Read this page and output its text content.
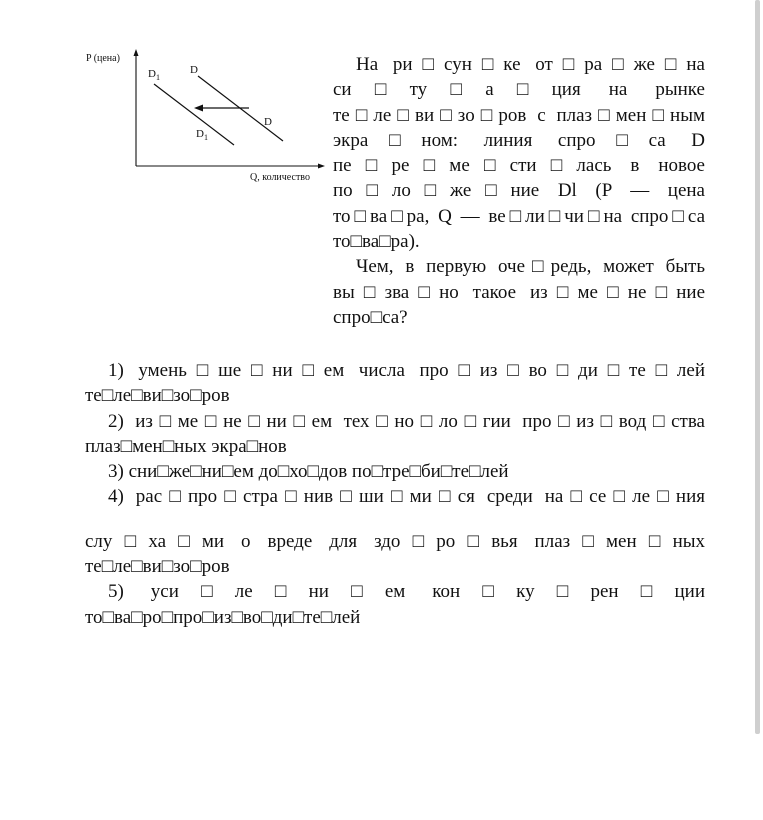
P (цена)
Q, количество
$D_1$
D
D
$D_1$

На ри□сун□ке от□ра□же□на

си□ту□а□ция на рынке

те□ле□ви□зо□ров с плаз□мен□ным

экра□ном: линия спро□са D

пе□ре□ме□сти□лась в новое

по□ло□же□ние Dl (P — цена

то□ва□ра, Q — ве□ли□чи□на спро□са

то□ва□ра).

Чем, в первую оче□редь, может быть

вы□зва□но такое из□ме□не□ние

спро□са?

1) умень□ше□ни□ем числа про□из□во□ди□те□лей

те□ле□ви□зо□ров

2) из□ме□не□ни□ем тех□но□ло□гии про□из□вод□ства

плаз□мен□ных экра□нов

3) сни□же□ни□ем до□хо□дов по□тре□би□те□лей

4) рас□про□стра□нив□ши□ми□ся среди на□се□ле□ния

слу□ха□ми о вреде для здо□ро□вья плаз□мен□ных

те□ле□ви□зо□ров

5) уси□ле□ни□ем кон□ку□рен□ции

то□ва□ро□про□из□во□ди□те□лей
